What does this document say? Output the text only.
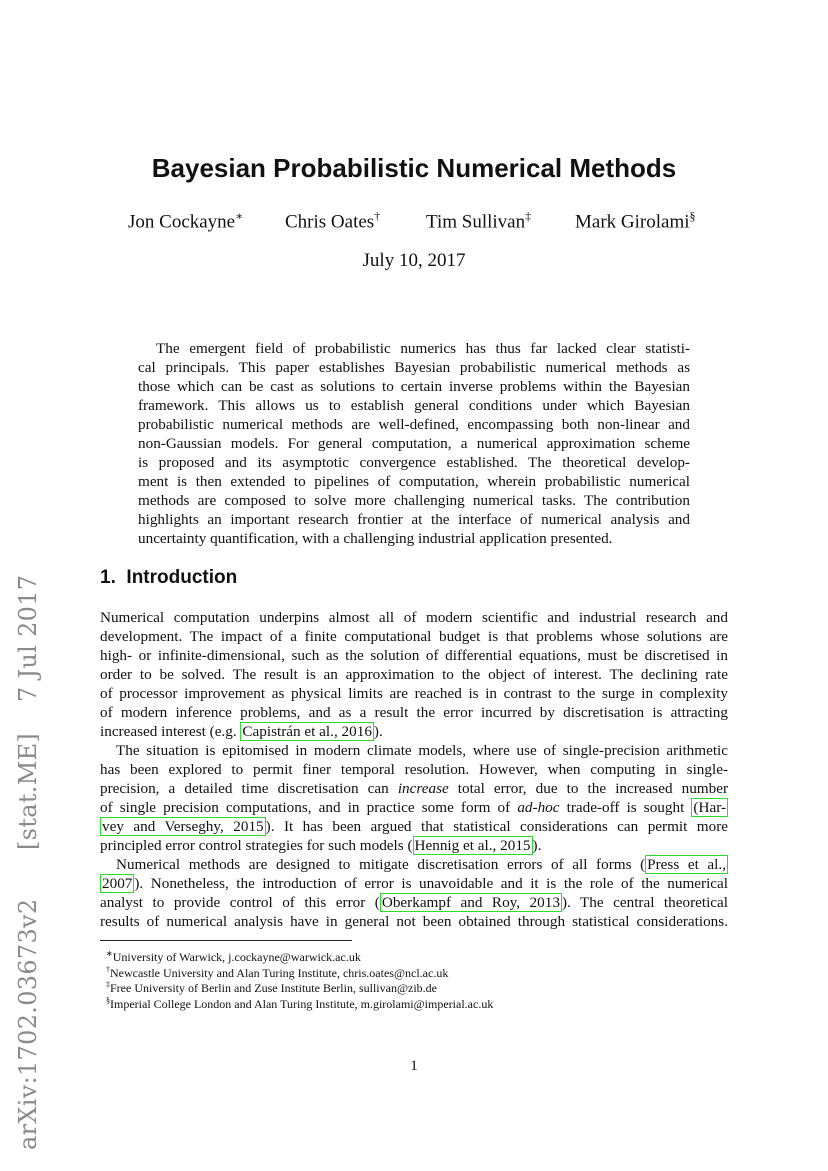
arXiv:1702.03673v2
[stat.ME]
7 Jul 2017
Bayesian Probabilistic Numerical Methods
Jon Cockayne∗ Chris Oates† Tim Sullivan‡ Mark Girolami§
July 10, 2017
The emergent field of probabilistic numerics has thus far lacked clear statisti-
cal principals. This paper establishes Bayesian probabilistic numerical methods as
those which can be cast as solutions to certain inverse problems within the Bayesian
framework. This allows us to establish general conditions under which Bayesian
probabilistic numerical methods are well-defined, encompassing both non-linear and
non-Gaussian models. For general computation, a numerical approximation scheme
is proposed and its asymptotic convergence established. The theoretical develop-
ment is then extended to pipelines of computation, wherein probabilistic numerical
methods are composed to solve more challenging numerical tasks. The contribution
highlights an important research frontier at the interface of numerical analysis and
uncertainty quantification, with a challenging industrial application presented.
1. Introduction
Numerical computation underpins almost all of modern scientific and industrial research and
development. The impact of a finite computational budget is that problems whose solutions are
high- or infinite-dimensional, such as the solution of differential equations, must be discretised in
order to be solved. The result is an approximation to the object of interest. The declining rate
of processor improvement as physical limits are reached is in contrast to the surge in complexity
of modern inference problems, and as a result the error incurred by discretisation is attracting
increased interest (e.g. Capistrán et al., 2016 ).
The situation is epitomised in modern climate models, where use of single-precision arithmetic
has been explored to permit finer temporal resolution. However, when computing in single-
precision, a detailed time discretisation can increase total error, due to the increased number
of single precision computations, and in practice some form of ad-hoc trade-off is sought (Har-
vey and Verseghy, 2015 ). It has been argued that statistical considerations can permit more
principled error control strategies for such models ( Hennig et al., 2015 ).
Numerical methods are designed to mitigate discretisation errors of all forms ( Press et al.,
2007 ). Nonetheless, the introduction of error is unavoidable and it is the role of the numerical
analyst to provide control of this error ( Oberkampf and Roy, 2013 ). The central theoretical
results of numerical analysis have in general not been obtained through statistical considerations.
∗University of Warwick, j.cockayne@warwick.ac.uk
†Newcastle University and Alan Turing Institute, chris.oates@ncl.ac.uk
‡Free University of Berlin and Zuse Institute Berlin, sullivan@zib.de
§Imperial College London and Alan Turing Institute, m.girolami@imperial.ac.uk
1
